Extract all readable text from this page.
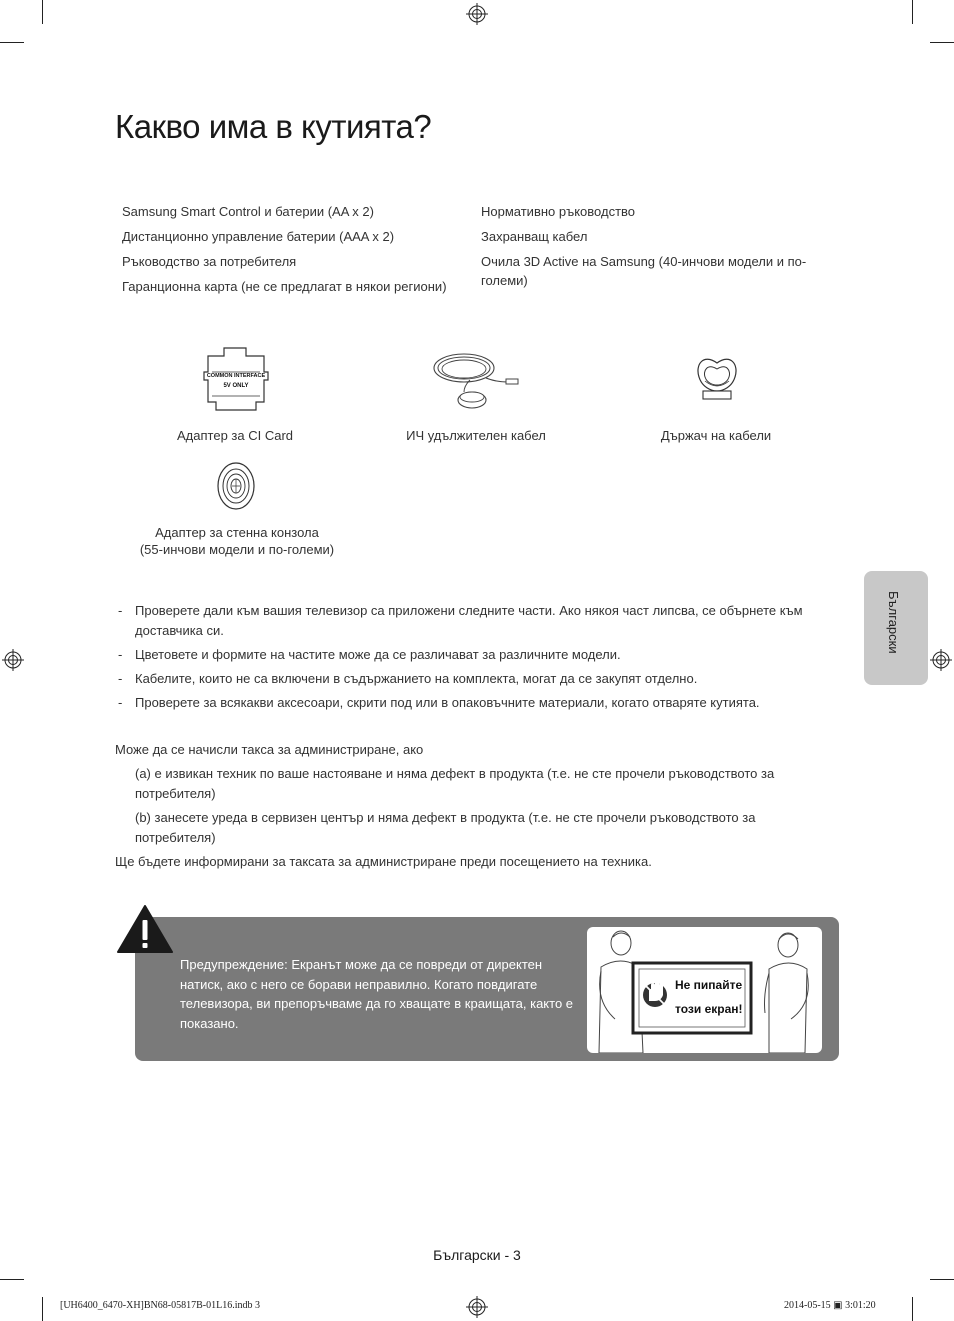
Какво има в кутията?
Samsung Smart Control и батерии (AA x 2)
Дистанционно управление батерии (AAA x 2)
Ръководство за потребителя
Гаранционна карта (не се предлагат в някои региони)
Нормативно ръководство
Захранващ кабел
Очила 3D Active на Samsung (40-инчови модели и по-големи)
COMMON INTERFACE
5V ONLY
Адаптер за CI Card	ИЧ удължителен кабел	Държач на кабели
Адаптер за стенна конзола
(55-инчови модели и по-големи)
Български
- Проверете дали към вашия телевизор са приложени следните части. Ако някоя част липсва, се обърнете към доставчика си.
- Цветовете и формите на частите може да се различават за различните модели.
- Кабелите, които не са включени в съдържанието на комплекта, могат да се закупят отделно.
- Проверете за всякакви аксесоари, скрити под или в опаковъчните материали, когато отваряте кутията.
Може да се начисли такса за администриране, ако
(a) е извикан техник по ваше настояване и няма дефект в продукта (т.е. не сте прочели ръководството за потребителя)
(b) занесете уреда в сервизен център и няма дефект в продукта (т.е. не сте прочели ръководството за потребителя)
Ще бъдете информирани за таксата за администриране преди посещението на техника.
Предупреждение: Екранът може да се повреди от директен натиск, ако с него се борави неправилно. Когато повдигате телевизора, ви препоръчваме да го хващате в краищата, както е показано.
Не пипайте
този екран!
Български - 3
[UH6400_6470-XH]BN68-05817B-01L16.indb 3	2014-05-15 ▣ 3:01:20
